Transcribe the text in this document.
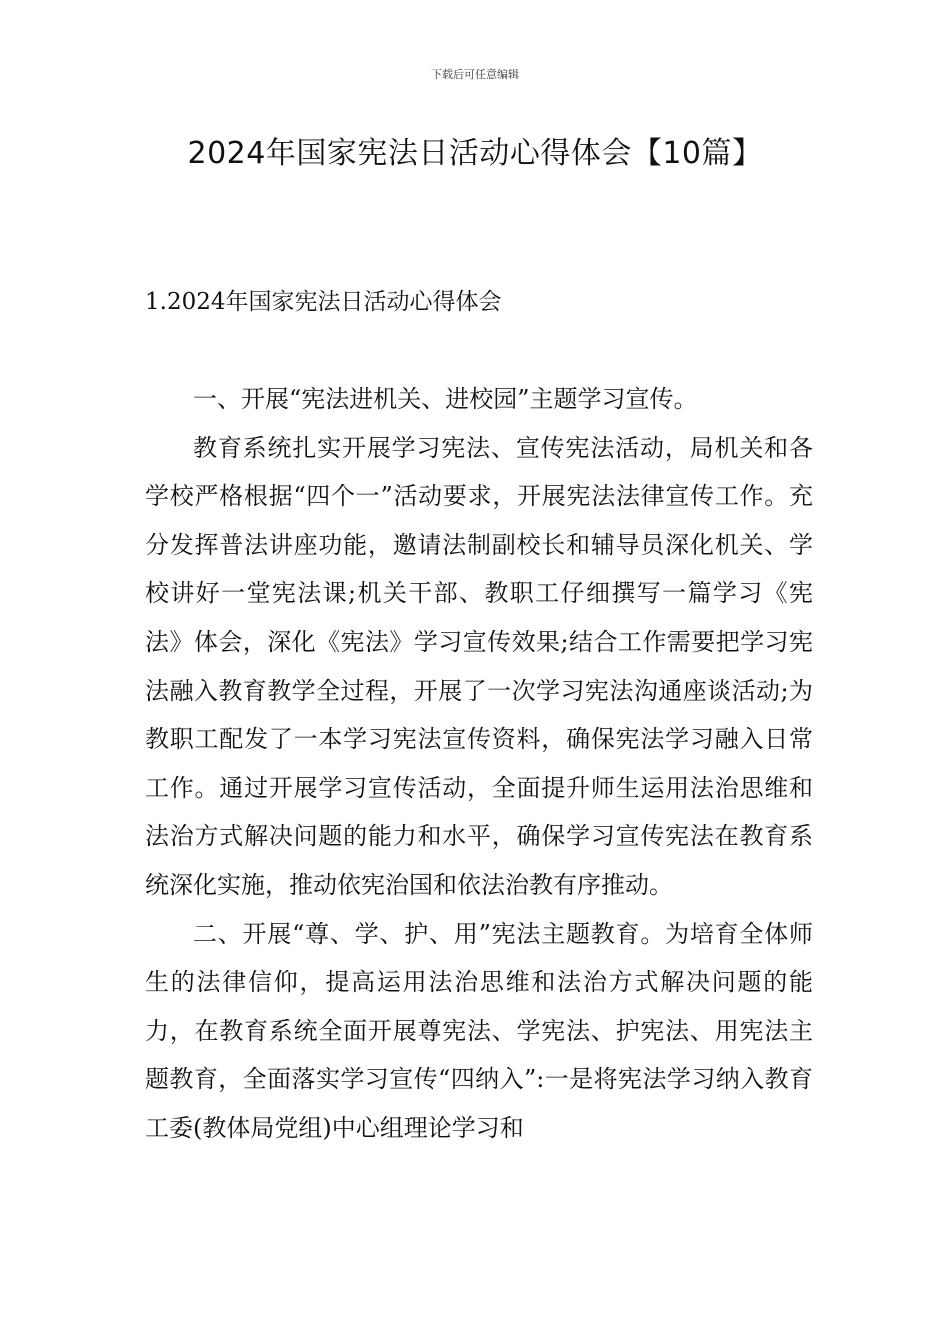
下载后可任意编辑
2024年国家宪法日活动心得体会【10篇】
1.2024年国家宪法日活动心得体会

一、开展“宪法进机关、进校园”主题学习宣传。

教育系统扎实开展学习宪法、宣传宪法活动，局机关和各学校严格根据“四个一”活动要求，开展宪法法律宣传工作。充分发挥普法讲座功能，邀请法制副校长和辅导员深化机关、学校讲好一堂宪法课;机关干部、教职工仔细撰写一篇学习《宪法》体会，深化《宪法》学习宣传效果;结合工作需要把学习宪法融入教育教学全过程，开展了一次学习宪法沟通座谈活动;为教职工配发了一本学习宪法宣传资料，确保宪法学习融入日常工作。通过开展学习宣传活动，全面提升师生运用法治思维和法治方式解决问题的能力和水平，确保学习宣传宪法在教育系统深化实施，推动依宪治国和依法治教有序推动。

二、开展“尊、学、护、用”宪法主题教育。为培育全体师生的法律信仰，提高运用法治思维和法治方式解决问题的能力，在教育系统全面开展尊宪法、学宪法、护宪法、用宪法主题教育，全面落实学习宣传“四纳入”:一是将宪法学习纳入教育工委(教体局党组)中心组理论学习和
